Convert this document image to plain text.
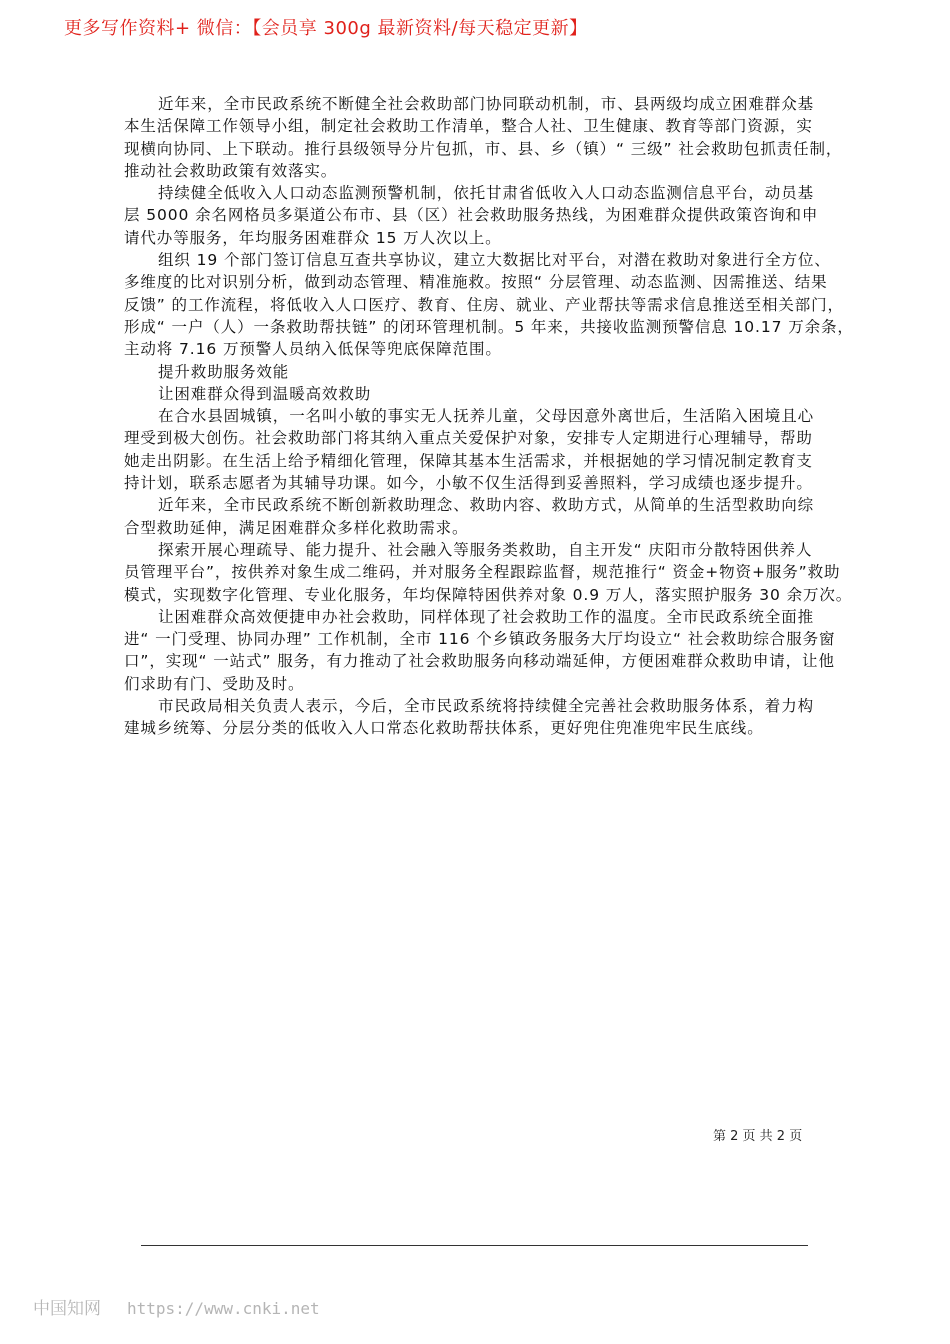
更多写作资料+ 微信：【会员享 300g 最新资料/每天稳定更新】
近年来，全市民政系统不断健全社会救助部门协同联动机制，市、县两级均成立困难群众基
本生活保障工作领导小组，制定社会救助工作清单，整合人社、卫生健康、教育等部门资源，实
现横向协同、上下联动。推行县级领导分片包抓，市、县、乡（镇）“ 三级” 社会救助包抓责任制，
推动社会救助政策有效落实。
持续健全低收入人口动态监测预警机制，依托甘肃省低收入人口动态监测信息平台，动员基
层 5000 余名网格员多渠道公布市、县（区）社会救助服务热线，为困难群众提供政策咨询和申
请代办等服务，年均服务困难群众 15 万人次以上。
组织 19 个部门签订信息互查共享协议，建立大数据比对平台，对潜在救助对象进行全方位、
多维度的比对识别分析，做到动态管理、精准施救。按照“ 分层管理、动态监测、因需推送、结果
反馈” 的工作流程，将低收入人口医疗、教育、住房、就业、产业帮扶等需求信息推送至相关部门，
形成“ 一户（人）一条救助帮扶链” 的闭环管理机制。5 年来，共接收监测预警信息 10.17 万余条，
主动将 7.16 万预警人员纳入低保等兜底保障范围。
提升救助服务效能
让困难群众得到温暖高效救助
在合水县固城镇，一名叫小敏的事实无人抚养儿童，父母因意外离世后，生活陷入困境且心
理受到极大创伤。社会救助部门将其纳入重点关爱保护对象，安排专人定期进行心理辅导，帮助
她走出阴影。在生活上给予精细化管理，保障其基本生活需求，并根据她的学习情况制定教育支
持计划，联系志愿者为其辅导功课。如今，小敏不仅生活得到妥善照料，学习成绩也逐步提升。
近年来，全市民政系统不断创新救助理念、救助内容、救助方式，从简单的生活型救助向综
合型救助延伸，满足困难群众多样化救助需求。
探索开展心理疏导、能力提升、社会融入等服务类救助，自主开发“ 庆阳市分散特困供养人
员管理平台”，按供养对象生成二维码，并对服务全程跟踪监督，规范推行“ 资金+物资+服务”救助
模式，实现数字化管理、专业化服务，年均保障特困供养对象 0.9 万人，落实照护服务 30 余万次。
让困难群众高效便捷申办社会救助，同样体现了社会救助工作的温度。全市民政系统全面推
进“ 一门受理、协同办理” 工作机制，全市 116 个乡镇政务服务大厅均设立“ 社会救助综合服务窗
口”，实现“ 一站式” 服务，有力推动了社会救助服务向移动端延伸，方便困难群众救助申请，让他
们求助有门、受助及时。
市民政局相关负责人表示，今后，全市民政系统将持续健全完善社会救助服务体系，着力构
建城乡统筹、分层分类的低收入人口常态化救助帮扶体系，更好兜住兜准兜牢民生底线。
第 2 页 共 2 页
中国知网 https://www.cnki.net
